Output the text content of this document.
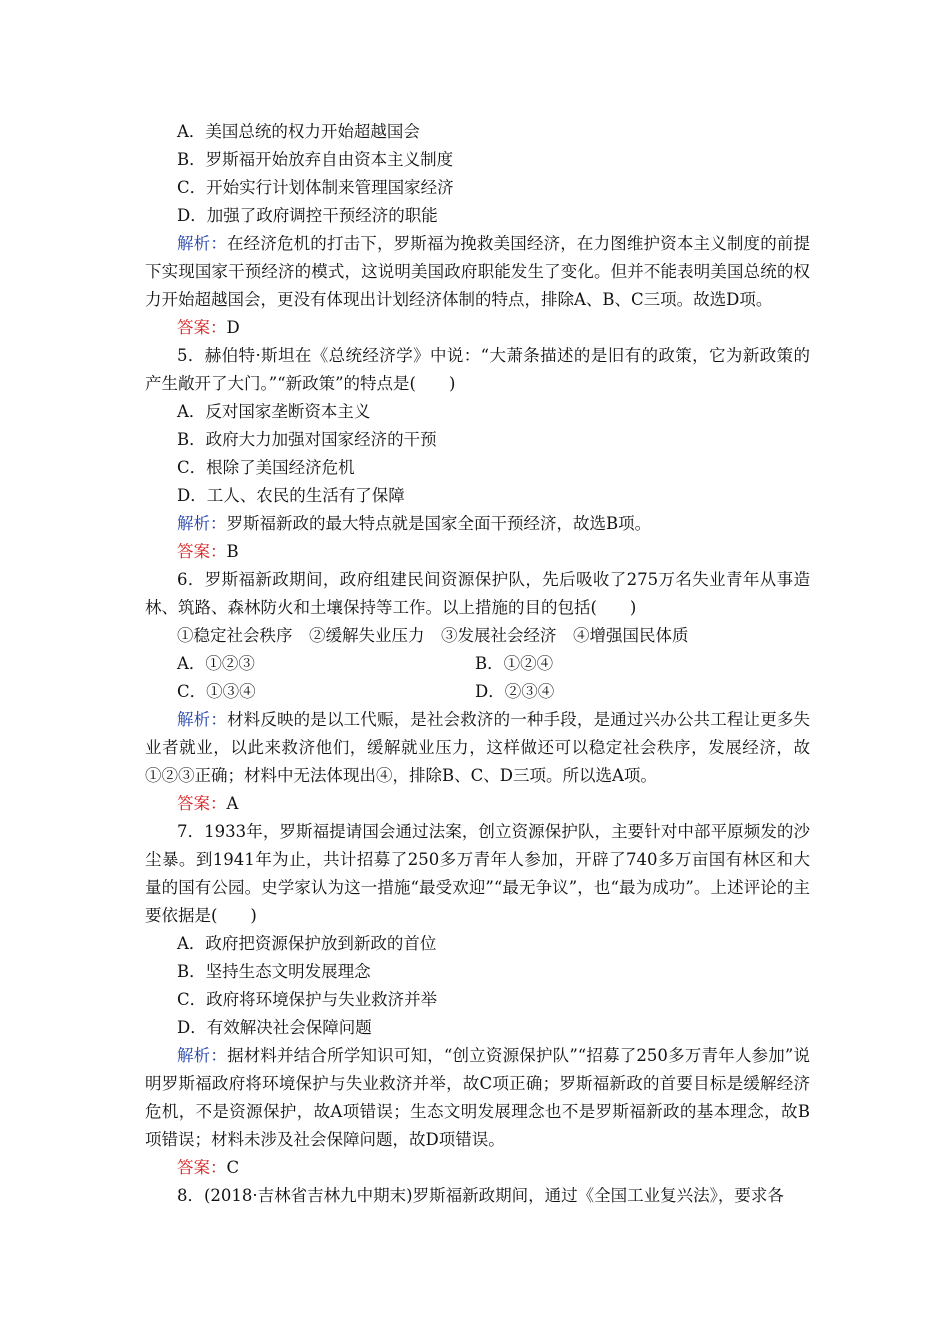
A．美国总统的权力开始超越国会
B．罗斯福开始放弃自由资本主义制度
C．开始实行计划体制来管理国家经济
D．加强了政府调控干预经济的职能
解析：在经济危机的打击下，罗斯福为挽救美国经济，在力图维护资本主义制度的前提下实现国家干预经济的模式，这说明美国政府职能发生了变化。但并不能表明美国总统的权力开始超越国会，更没有体现出计划经济体制的特点，排除A、B、C三项。故选D项。
答案：D
5．赫伯特·斯坦在《总统经济学》中说：“大萧条描述的是旧有的政策，它为新政策的产生敞开了大门。”“新政策”的特点是(　　)
A．反对国家垄断资本主义
B．政府大力加强对国家经济的干预
C．根除了美国经济危机
D．工人、农民的生活有了保障
解析：罗斯福新政的最大特点就是国家全面干预经济，故选B项。
答案：B
6．罗斯福新政期间，政府组建民间资源保护队，先后吸收了275万名失业青年从事造林、筑路、森林防火和土壤保持等工作。以上措施的目的包括(　　)
①稳定社会秩序　②缓解失业压力　③发展社会经济　④增强国民体质
A．①②③	B．①②④
C．①③④	D．②③④
解析：材料反映的是以工代赈，是社会救济的一种手段，是通过兴办公共工程让更多失业者就业，以此来救济他们，缓解就业压力，这样做还可以稳定社会秩序，发展经济，故①②③正确；材料中无法体现出④，排除B、C、D三项。所以选A项。
答案：A
7．1933年，罗斯福提请国会通过法案，创立资源保护队，主要针对中部平原频发的沙尘暴。到1941年为止，共计招募了250多万青年人参加，开辟了740多万亩国有林区和大量的国有公园。史学家认为这一措施“最受欢迎”“最无争议”，也“最为成功”。上述评论的主要依据是(　　)
A．政府把资源保护放到新政的首位
B．坚持生态文明发展理念
C．政府将环境保护与失业救济并举
D．有效解决社会保障问题
解析：据材料并结合所学知识可知，“创立资源保护队”“招募了250多万青年人参加”说明罗斯福政府将环境保护与失业救济并举，故C项正确；罗斯福新政的首要目标是缓解经济危机，不是资源保护，故A项错误；生态文明发展理念也不是罗斯福新政的基本理念，故B项错误；材料未涉及社会保障问题，故D项错误。
答案：C
8．(2018·吉林省吉林九中期末)罗斯福新政期间，通过《全国工业复兴法》，要求各
